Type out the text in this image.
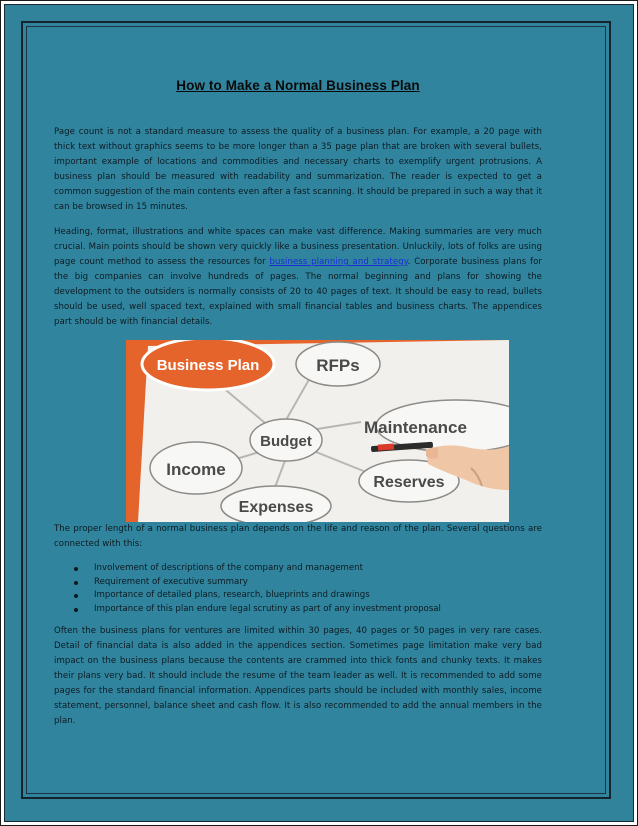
How to Make a Normal Business Plan

Page count is not a standard measure to assess the quality of a business plan. For example, a 20 page with thick text without graphics seems to be more longer than a 35 page plan that are broken with several bullets, important example of locations and commodities and necessary charts to exemplify urgent protrusions. A business plan should be measured with readability and summarization. The reader is expected to get a common suggestion of the main contents even after a fast scanning. It should be prepared in such a way that it can be browsed in 15 minutes.

Heading, format, illustrations and white spaces can make vast difference. Making summaries are very much crucial. Main points should be shown very quickly like a business presentation. Unluckily, lots of folks are using page count method to assess the resources for business planning and strategy. Corporate business plans for the big companies can involve hundreds of pages. The normal beginning and plans for showing the development to the outsiders is normally consists of 20 to 40 pages of text. It should be easy to read, bullets should be used, well spaced text, explained with small financial tables and business charts. The appendices part should be with financial details.

Business Plan	RFPs
Budget
Maintenance
Income
Reserves
Expenses

The proper length of a normal business plan depends on the life and reason of the plan. Several questions are connected with this:

Involvement of descriptions of the company and management
Requirement of executive summary
Importance of detailed plans, research, blueprints and drawings
Importance of this plan endure legal scrutiny as part of any investment proposal

Often the business plans for ventures are limited within 30 pages, 40 pages or 50 pages in very rare cases. Detail of financial data is also added in the appendices section. Sometimes page limitation make very bad impact on the business plans because the contents are crammed into thick fonts and chunky texts. It makes their plans very bad. It should include the resume of the team leader as well. It is recommended to add some pages for the standard financial information. Appendices parts should be included with monthly sales, income statement, personnel, balance sheet and cash flow. It is also recommended to add the annual members in the plan.
